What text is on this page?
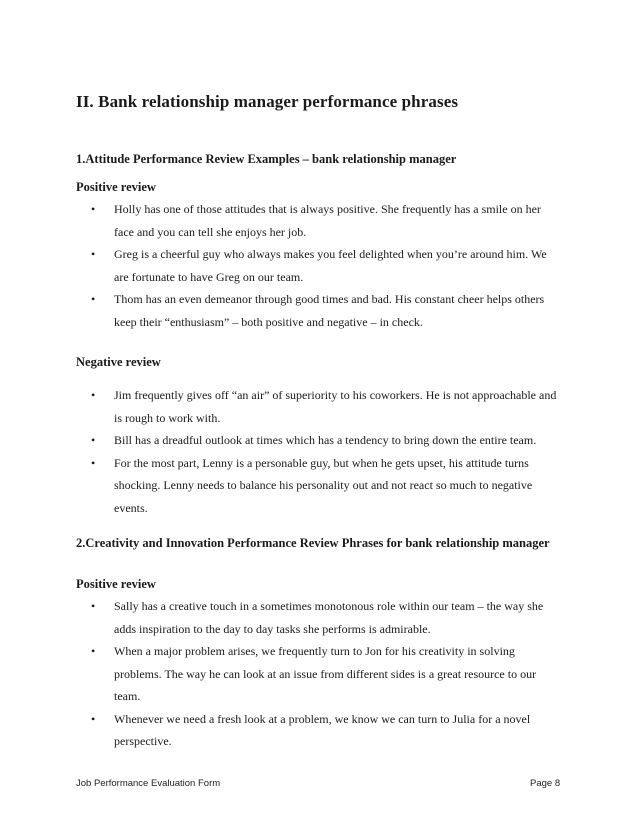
II. Bank relationship manager performance phrases

1.Attitude Performance Review Examples – bank relationship manager

Positive review

• Holly has one of those attitudes that is always positive. She frequently has a smile on her face and you can tell she enjoys her job.
• Greg is a cheerful guy who always makes you feel delighted when you’re around him. We are fortunate to have Greg on our team.
• Thom has an even demeanor through good times and bad. His constant cheer helps others keep their “enthusiasm” – both positive and negative – in check.

Negative review

• Jim frequently gives off “an air” of superiority to his coworkers. He is not approachable and is rough to work with.
• Bill has a dreadful outlook at times which has a tendency to bring down the entire team.
• For the most part, Lenny is a personable guy, but when he gets upset, his attitude turns shocking. Lenny needs to balance his personality out and not react so much to negative events.

2.Creativity and Innovation Performance Review Phrases for bank relationship manager

Positive review

• Sally has a creative touch in a sometimes monotonous role within our team – the way she adds inspiration to the day to day tasks she performs is admirable.
• When a major problem arises, we frequently turn to Jon for his creativity in solving problems. The way he can look at an issue from different sides is a great resource to our team.
• Whenever we need a fresh look at a problem, we know we can turn to Julia for a novel perspective.
Job Performance Evaluation Form	Page 8
